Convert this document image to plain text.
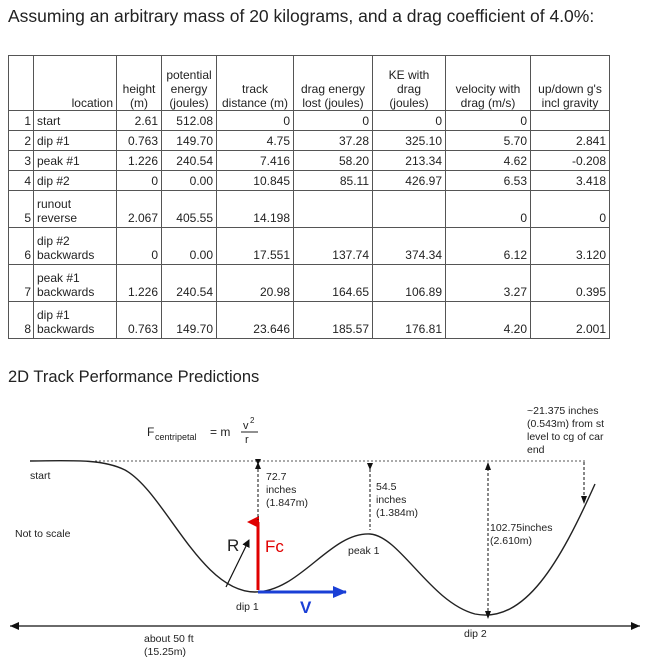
Assuming an arbitrary mass of 20 kilograms, and a drag coefficient of 4.0%:
	location	height (m)	potential energy (joules)	track distance (m)	drag energy lost (joules)	KE with drag (joules)	velocity with drag (m/s)	up/down g's incl gravity
1	start	2.61	512.08	0	0	0	0	
2	dip #1	0.763	149.70	4.75	37.28	325.10	5.70	2.841
3	peak #1	1.226	240.54	7.416	58.20	213.34	4.62	-0.208
4	dip #2	0	0.00	10.845	85.11	426.97	6.53	3.418
5	runout reverse	2.067	405.55	14.198			0	0
6	dip #2 backwards	0	0.00	17.551	137.74	374.34	6.12	3.120
7	peak #1 backwards	1.226	240.54	20.98	164.65	106.89	3.27	0.395
8	dip #1 backwards	0.763	149.70	23.646	185.57	176.81	4.20	2.001
2D Track Performance Predictions
F centripetal = m v 2
r
start
Not to scale
dip 1
peak 1
dip 2
R Fc
V
72.7
inches
(1.847m)
54.5
inches
(1.384m)
102.75inches
(2.610m)
~21.375 inches
(0.543m) from st
level to cg of car
end
about 50 ft
(15.25m)
